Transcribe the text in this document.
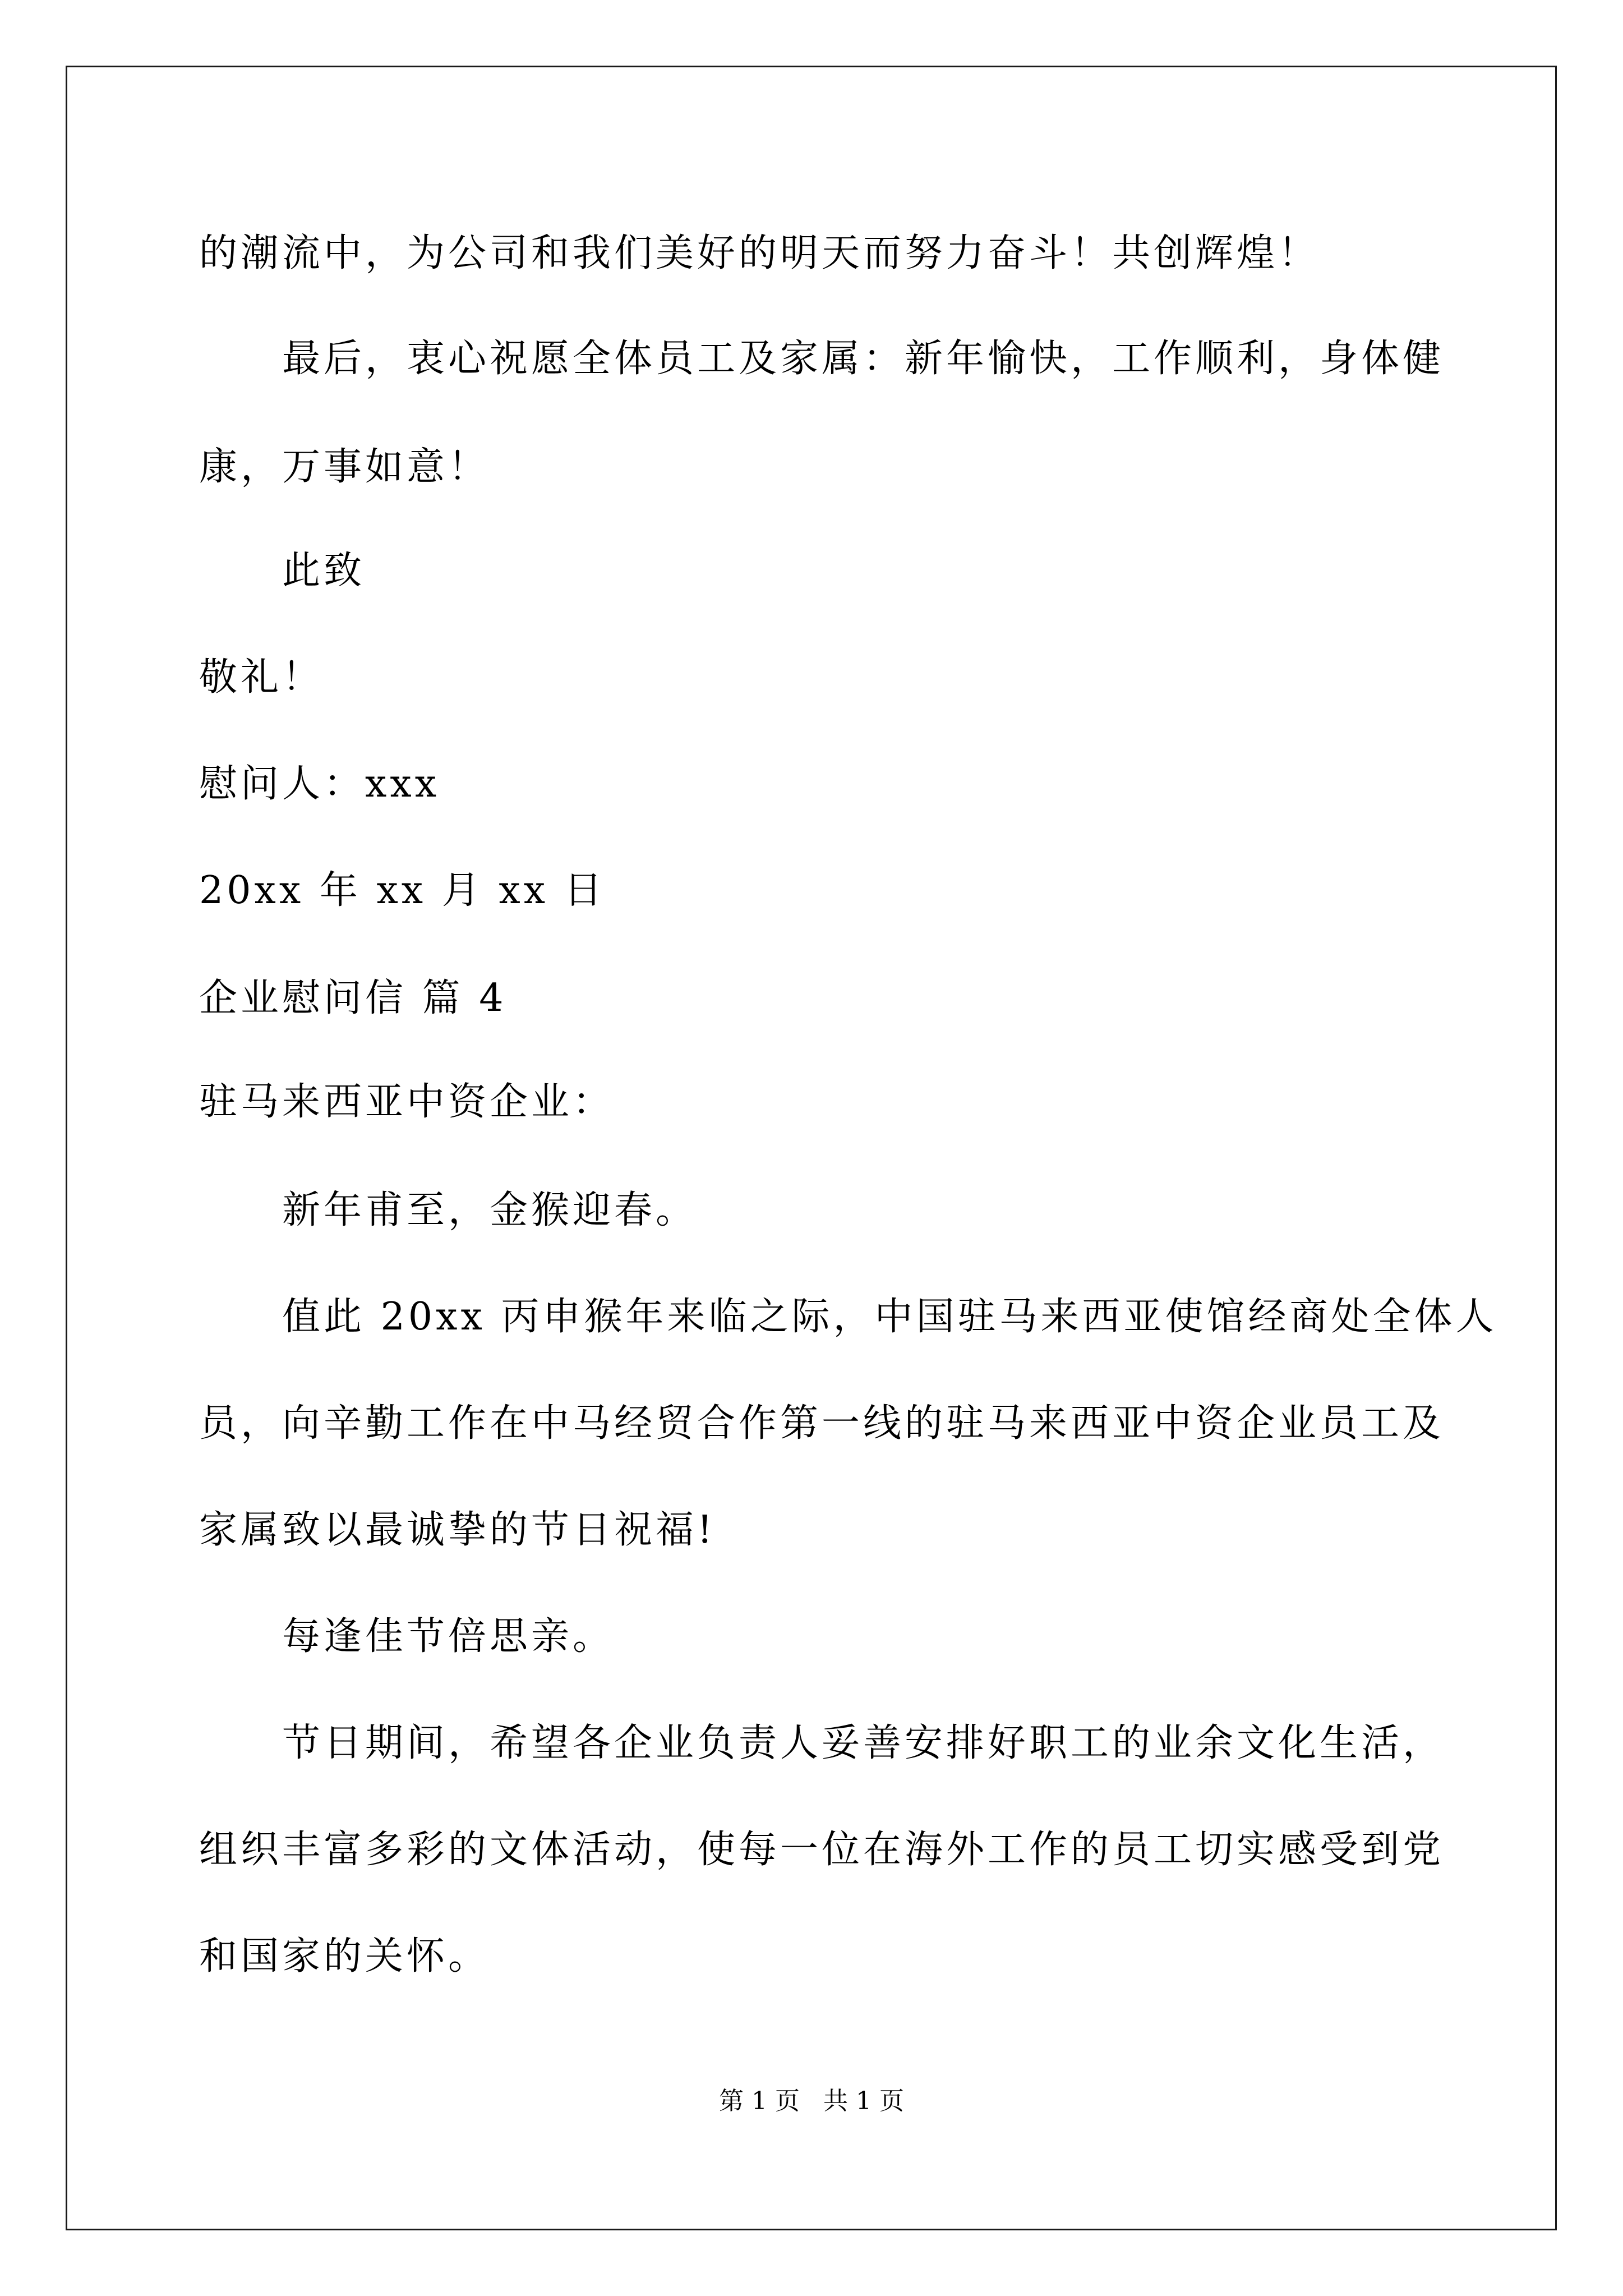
的潮流中，为公司和我们美好的明天而努力奋斗！共创辉煌！
最后，衷心祝愿全体员工及家属：新年愉快，工作顺利，身体健
康，万事如意！
此致
敬礼！
慰问人：xxx
20xx 年 xx 月 xx 日
企业慰问信 篇 4
驻马来西亚中资企业：
新年甫至，金猴迎春。
值此 20xx 丙申猴年来临之际，中国驻马来西亚使馆经商处全体人
员，向辛勤工作在中马经贸合作第一线的驻马来西亚中资企业员工及
家属致以最诚挚的节日祝福!
每逢佳节倍思亲。
节日期间，希望各企业负责人妥善安排好职工的业余文化生活，
组织丰富多彩的文体活动，使每一位在海外工作的员工切实感受到党
和国家的关怀。
第 1 页   共 1 页
